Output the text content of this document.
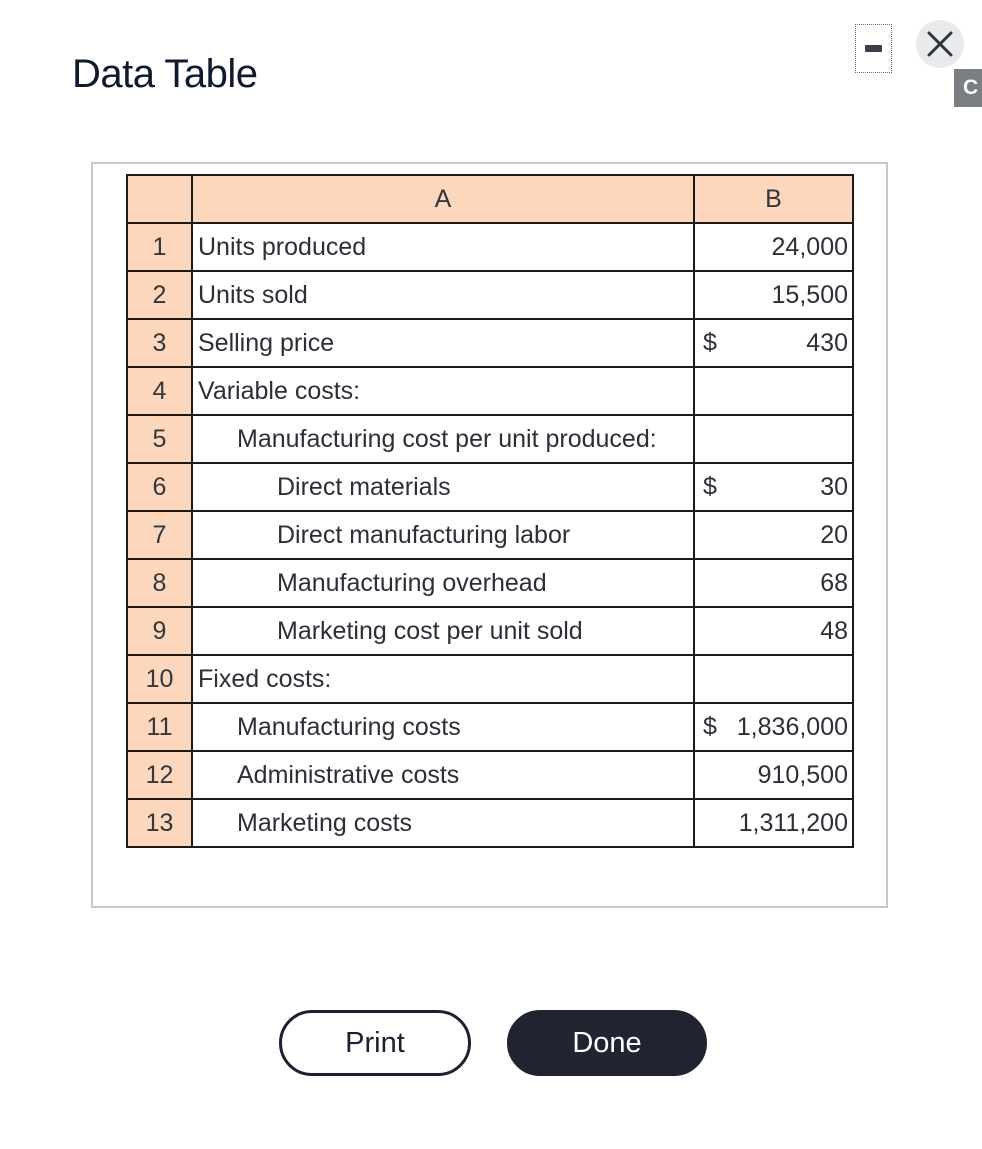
Data Table	C
	A	B
1	Units produced	24,000
2	Units sold	15,500
3	Selling price	$ 430
4	Variable costs:	

5	Manufacturing cost per unit produced:	

6	Direct materials	$ 30
7	Direct manufacturing labor	20
8	Manufacturing overhead	68
9	Marketing cost per unit sold	48
10	Fixed costs:	

11	Manufacturing costs	$ 1,836,000
12	Administrative costs	910,500
13	Marketing costs	1,311,200
Print	Done
